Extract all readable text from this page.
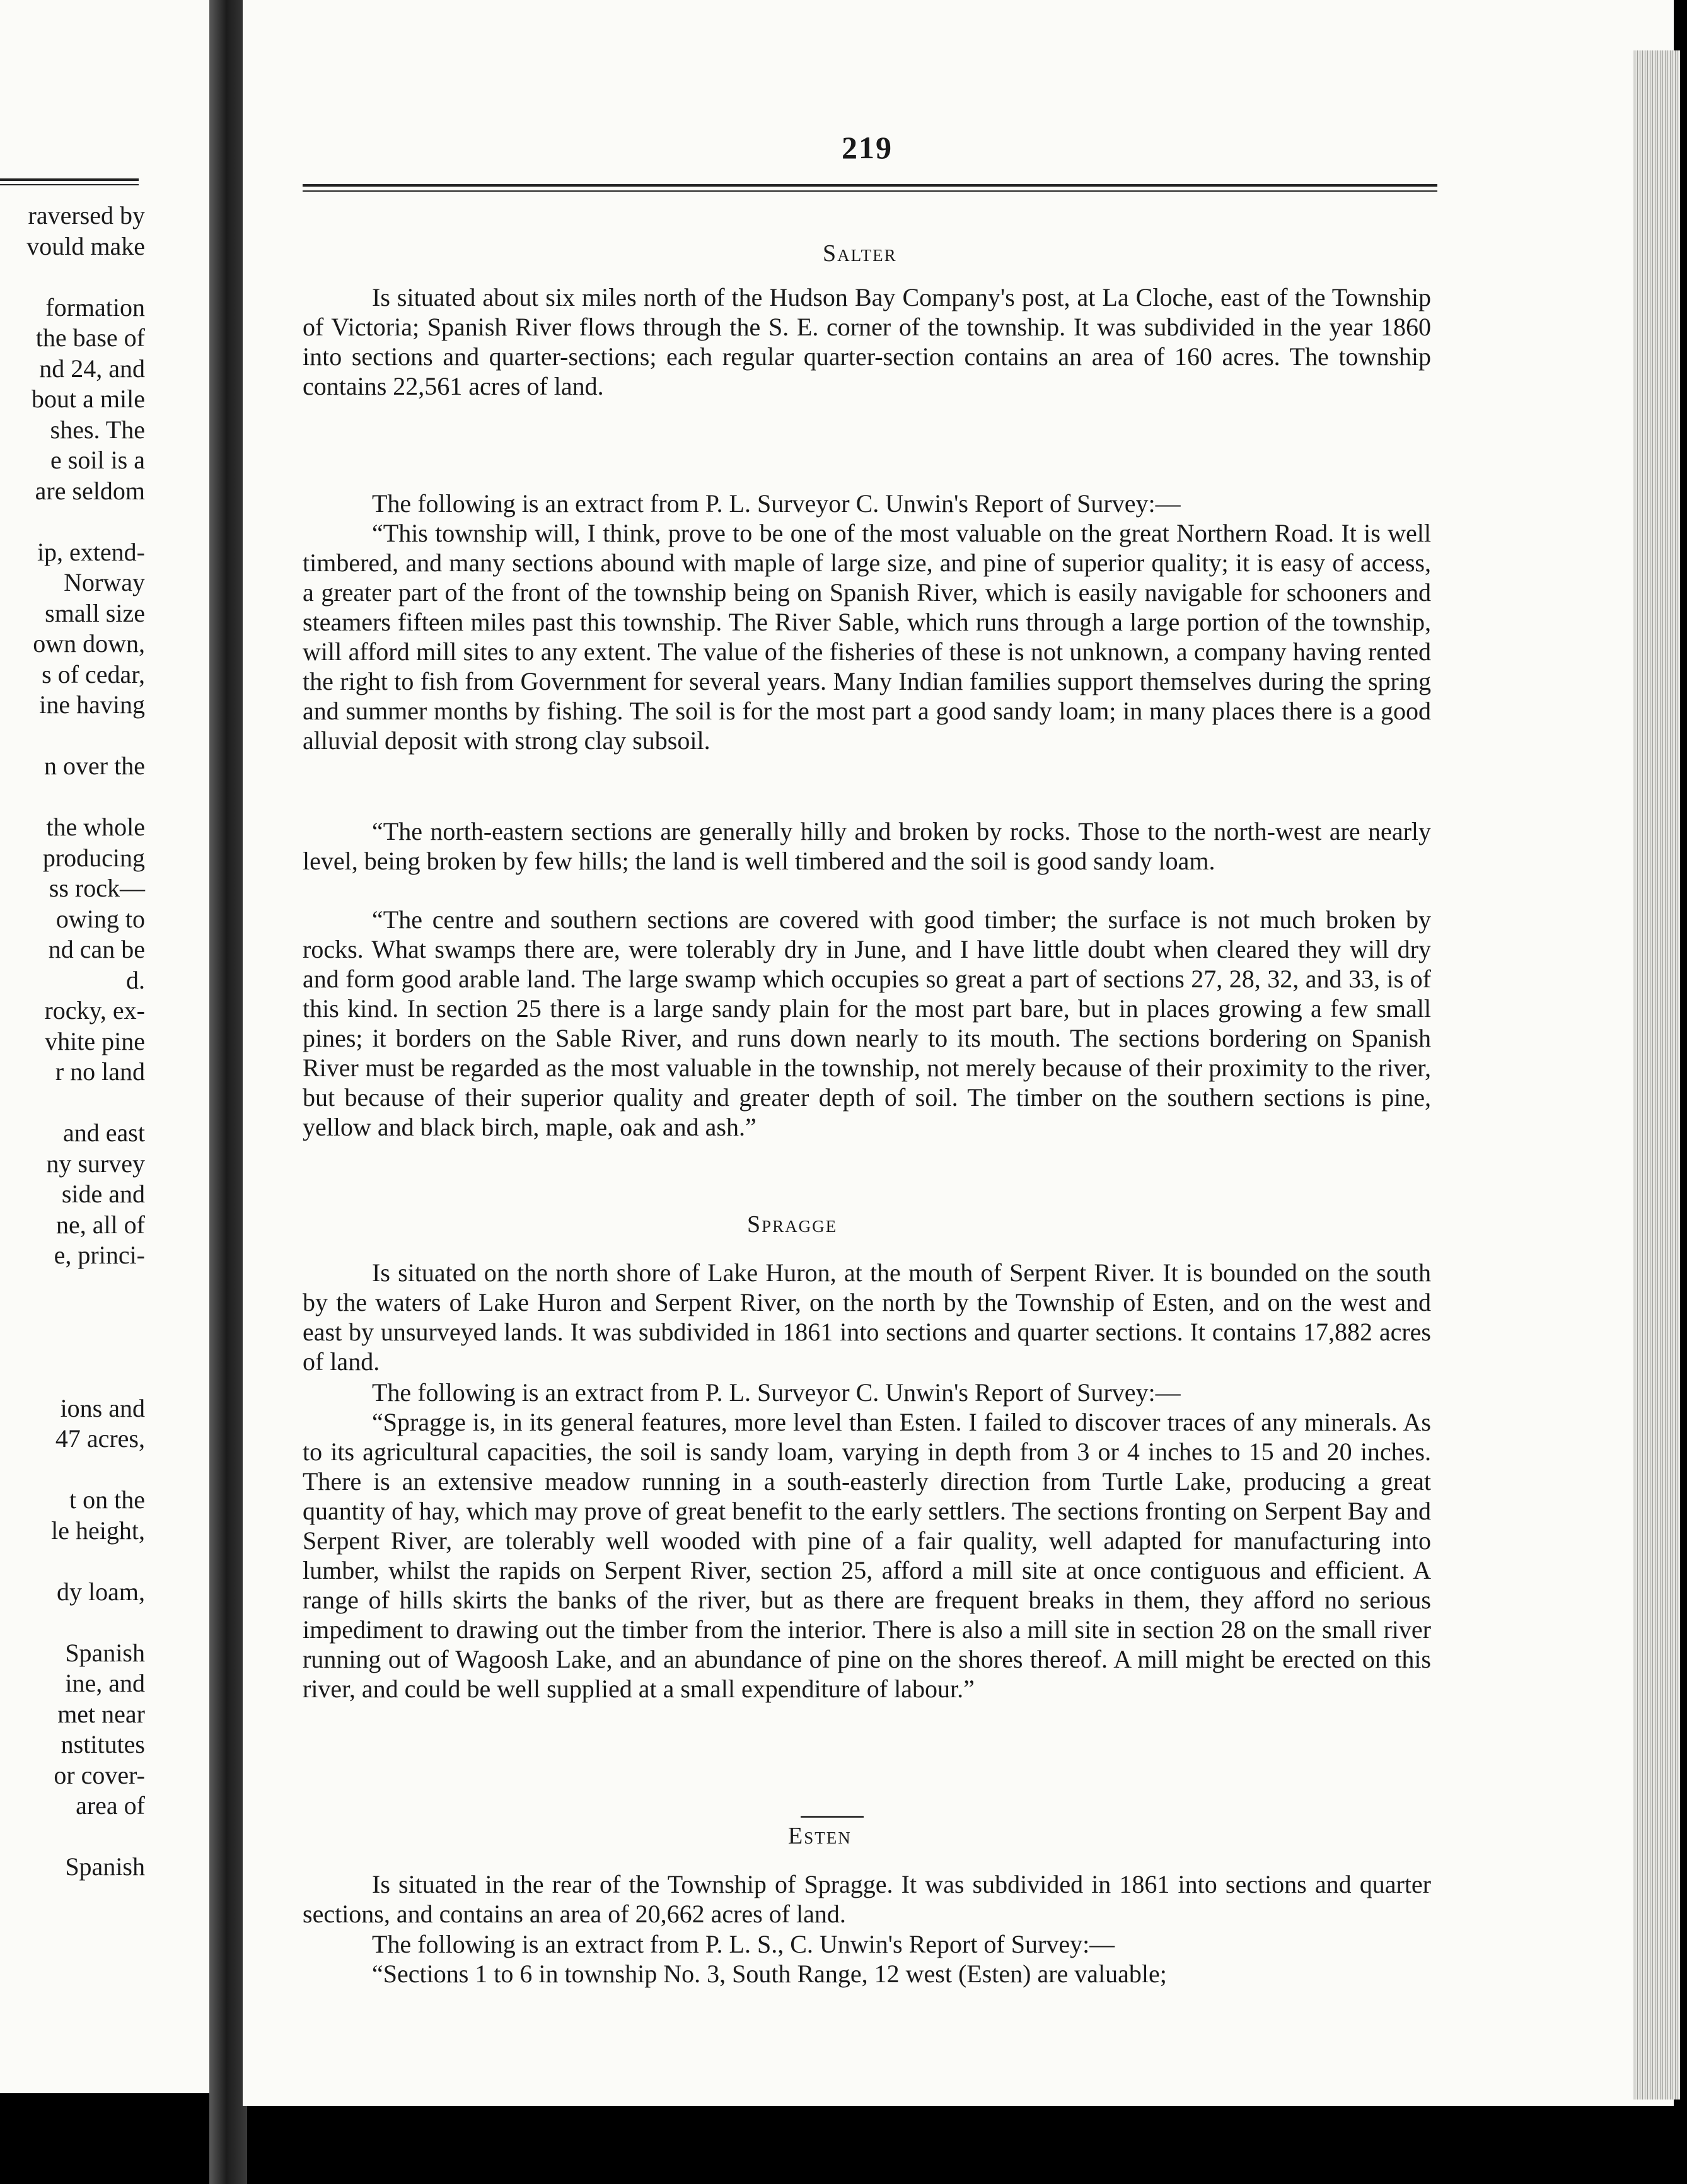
raversed by
vould make
formation
the base of
nd 24, and
bout a mile
shes. The
e soil is a
are seldom
ip, extend-
Norway
small size
own down,
s of cedar,
ine having
n over the
the whole
producing
ss rock—
owing to
nd can be
d.
rocky, ex-
vhite pine
r no land
and east
ny survey
side and
ne, all of
e, princi-
ions and
47 acres,
t on the
le height,
dy loam,
Spanish
ine, and
met near
nstitutes
or cover-
area of
Spanish
219
Salter
Is situated about six miles north of the Hudson Bay Company's post, at La Cloche, east of the Township of Victoria; Spanish River flows through the S. E. corner of the township. It was subdivided in the year 1860 into sections and quarter-sections; each regular quarter-section contains an area of 160 acres. The township contains 22,561 acres of land.
The following is an extract from P. L. Surveyor C. Unwin's Report of Survey:—
“This township will, I think, prove to be one of the most valuable on the great Northern Road. It is well timbered, and many sections abound with maple of large size, and pine of superior quality; it is easy of access, a greater part of the front of the township being on Spanish River, which is easily navigable for schooners and steamers fifteen miles past this township. The River Sable, which runs through a large portion of the township, will afford mill sites to any extent. The value of the fisheries of these is not unknown, a company having rented the right to fish from Government for several years. Many Indian families support themselves during the spring and summer months by fishing. The soil is for the most part a good sandy loam; in many places there is a good alluvial deposit with strong clay subsoil.
“The north-eastern sections are generally hilly and broken by rocks. Those to the north-west are nearly level, being broken by few hills; the land is well timbered and the soil is good sandy loam.
“The centre and southern sections are covered with good timber; the surface is not much broken by rocks. What swamps there are, were tolerably dry in June, and I have little doubt when cleared they will dry and form good arable land. The large swamp which occupies so great a part of sections 27, 28, 32, and 33, is of this kind. In section 25 there is a large sandy plain for the most part bare, but in places growing a few small pines; it borders on the Sable River, and runs down nearly to its mouth. The sections bordering on Spanish River must be regarded as the most valuable in the township, not merely because of their proximity to the river, but because of their superior quality and greater depth of soil. The timber on the southern sections is pine, yellow and black birch, maple, oak and ash.”
Spragge
Is situated on the north shore of Lake Huron, at the mouth of Serpent River. It is bounded on the south by the waters of Lake Huron and Serpent River, on the north by the Township of Esten, and on the west and east by unsurveyed lands. It was subdivided in 1861 into sections and quarter sections. It contains 17,882 acres of land.
The following is an extract from P. L. Surveyor C. Unwin's Report of Survey:—
“Spragge is, in its general features, more level than Esten. I failed to discover traces of any minerals. As to its agricultural capacities, the soil is sandy loam, varying in depth from 3 or 4 inches to 15 and 20 inches. There is an extensive meadow running in a south-easterly direction from Turtle Lake, producing a great quantity of hay, which may prove of great benefit to the early settlers. The sections fronting on Serpent Bay and Serpent River, are tolerably well wooded with pine of a fair quality, well adapted for manufacturing into lumber, whilst the rapids on Serpent River, section 25, afford a mill site at once contiguous and efficient. A range of hills skirts the banks of the river, but as there are frequent breaks in them, they afford no serious impediment to drawing out the timber from the interior. There is also a mill site in section 28 on the small river running out of Wagoosh Lake, and an abundance of pine on the shores thereof. A mill might be erected on this river, and could be well supplied at a small expenditure of labour.”
Esten
Is situated in the rear of the Township of Spragge. It was subdivided in 1861 into sections and quarter sections, and contains an area of 20,662 acres of land.
The following is an extract from P. L. S., C. Unwin's Report of Survey:—
“Sections 1 to 6 in township No. 3, South Range, 12 west (Esten) are valuable;
